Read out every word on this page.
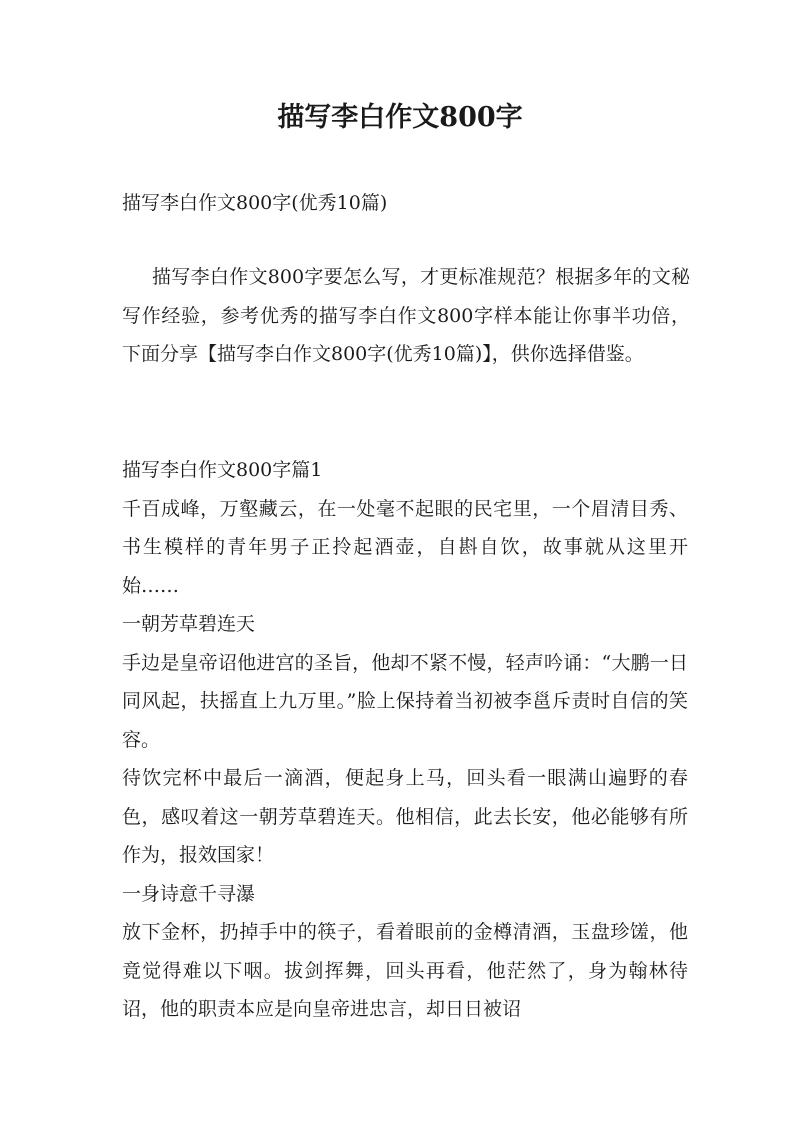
描写李白作文800字

描写李白作文800字(优秀10篇)

描写李白作文800字要怎么写，才更标准规范？根据多年的文秘写作经验，参考优秀的描写李白作文800字样本能让你事半功倍，下面分享【描写李白作文800字(优秀10篇)】，供你选择借鉴。

描写李白作文800字篇1

千百成峰，万壑藏云，在一处毫不起眼的民宅里，一个眉清目秀、书生模样的青年男子正拎起酒壶，自斟自饮，故事就从这里开始……

一朝芳草碧连天

手边是皇帝诏他进宫的圣旨，他却不紧不慢，轻声吟诵：“大鹏一日同风起，扶摇直上九万里。”脸上保持着当初被李邕斥责时自信的笑容。

待饮完杯中最后一滴酒，便起身上马，回头看一眼满山遍野的春色，感叹着这一朝芳草碧连天。他相信，此去长安，他必能够有所作为，报效国家！

一身诗意千寻瀑

放下金杯，扔掉手中的筷子，看着眼前的金樽清酒，玉盘珍馐，他竟觉得难以下咽。拔剑挥舞，回头再看，他茫然了，身为翰林待诏，他的职责本应是向皇帝进忠言，却日日被诏
